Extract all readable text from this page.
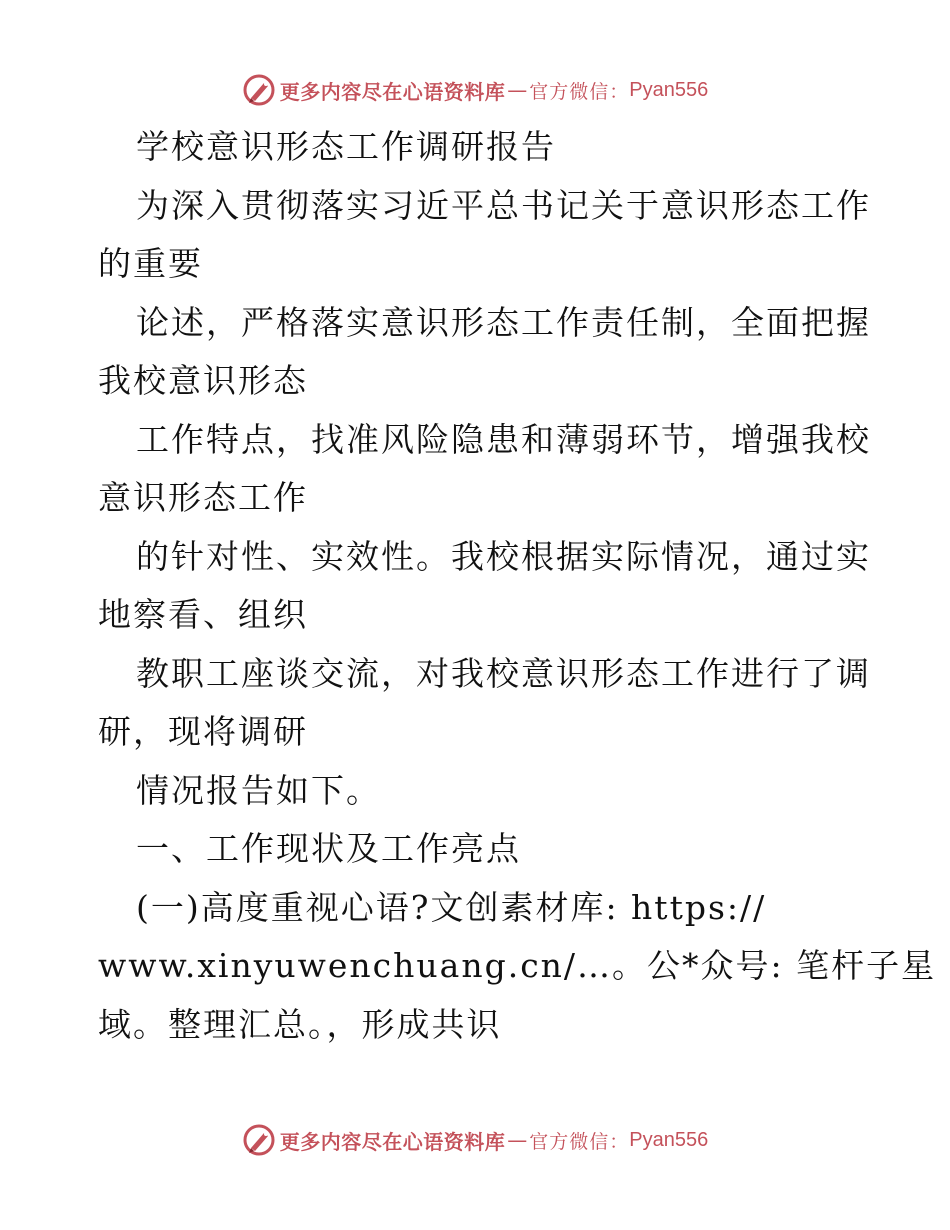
更多内容尽在心语资料库 — 官方微信： Pyan556
学校意识形态工作调研报告
为深入贯彻落实习近平总书记关于意识形态工作
的重要
论述，严格落实意识形态工作责任制，全面把握
我校意识形态
工作特点，找准风险隐患和薄弱环节，增强我校
意识形态工作
的针对性、实效性。我校根据实际情况，通过实
地察看、组织
教职工座谈交流，对我校意识形态工作进行了调
研，现将调研
情况报告如下。
一、工作现状及工作亮点
(一)高度重视心语?文创素材库: https://
www.xinyuwenchuang.cn/…。公*众号: 笔杆子星
域。整理汇总。，形成共识
更多内容尽在心语资料库 — 官方微信： Pyan556
